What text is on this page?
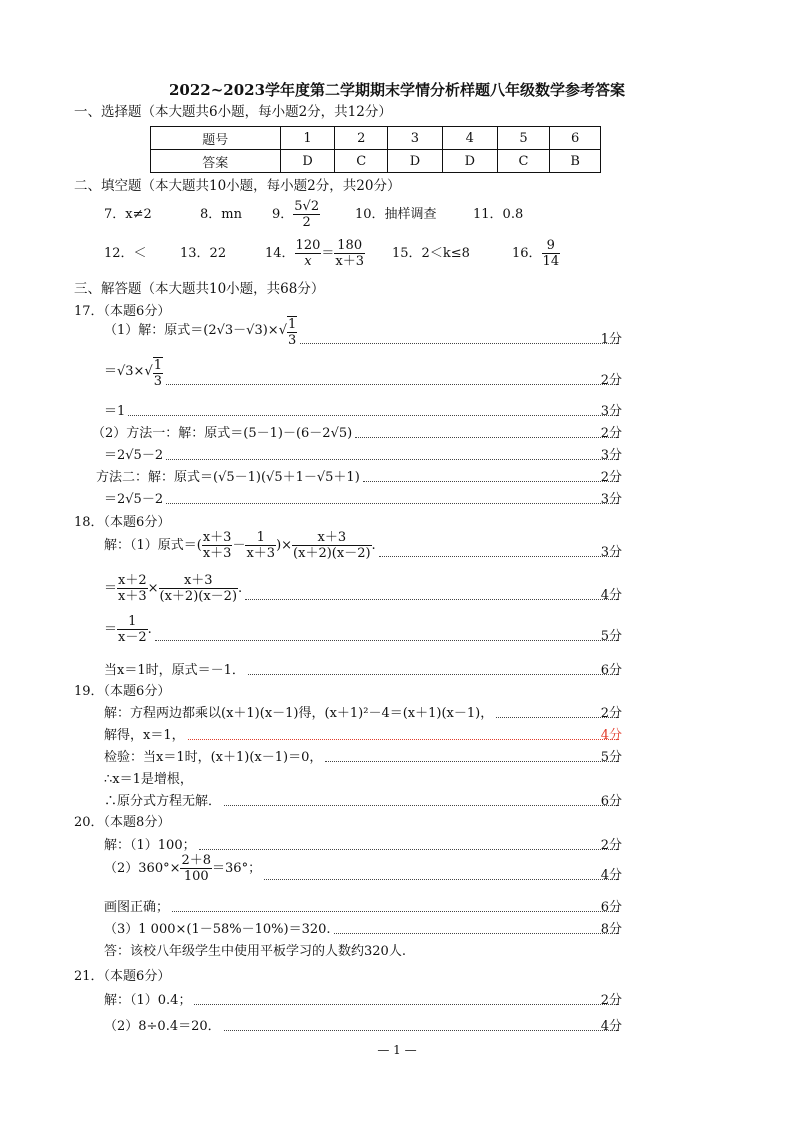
2022~2023学年度第二学期期末学情分析样题八年级数学参考答案
一、选择题（本大题共6小题，每小题2分，共12分）
题号	1	2	3	4	5	6
答案	D	C	D	D	C	B
二、填空题（本大题共10小题，每小题2分，共20分）
7．x≠2	8．mn 9． $\frac{5√2}{2}$	10．抽样调查	11．0.8
12．＜	13．22	14． $\frac{120}{x} = \frac{180}{x+3} 15$．2＜k≤8	16． $\frac{9}{14}$
三、解答题（本大题共10小题，共68分）
17．（本题6分）
（1）解：原式$=(2√3-√3)\times√ \frac{1}{3}$	1分
$=√3\times√ \frac{1}{3}$	2分
＝1	3分
（2）方法一：解：原式＝(5－1)－(6－2√5)	2分
＝2√5－2	3分
方法二：解：原式＝(√5－1)(√5＋1－√5＋1)	2分
＝2√5－2	3分
18．（本题6分）
解：（1）原式＝( $\frac{x+3}{x+3} - \frac{1}{x+3}$ )× $\frac{x+3}{(x+2)(x-2)}$ .	3分
＝ $\frac{x+2}{x+3} \times \frac{x+3}{(x+2)(x-2)}$ .	4分
＝ $\frac{1}{x-2}$ .	5分
当x＝1时，原式＝－1．	6分
19．（本题6分）
解：方程两边都乘以(x＋1)(x－1)得，(x＋1)²－4＝(x＋1)(x－1)，	2分
解得，x＝1，	4分
检验：当x＝1时，(x＋1)(x－1)＝0，	5分
∴x＝1是增根，
∴原分式方程无解．	6分
20．（本题8分）
解：（1）100；	2分
$(2)360^\circ\times \frac{2+8}{100} =36^\circ$；	4分
画图正确；	6分
（3）1 000×(1－58%－10%)＝320.	8分
答：该校八年级学生中使用平板学习的人数约320人.
21．（本题6分）
解：（1）0.4；	2分
（2）8÷0.4＝20．	4分
— 1 —
